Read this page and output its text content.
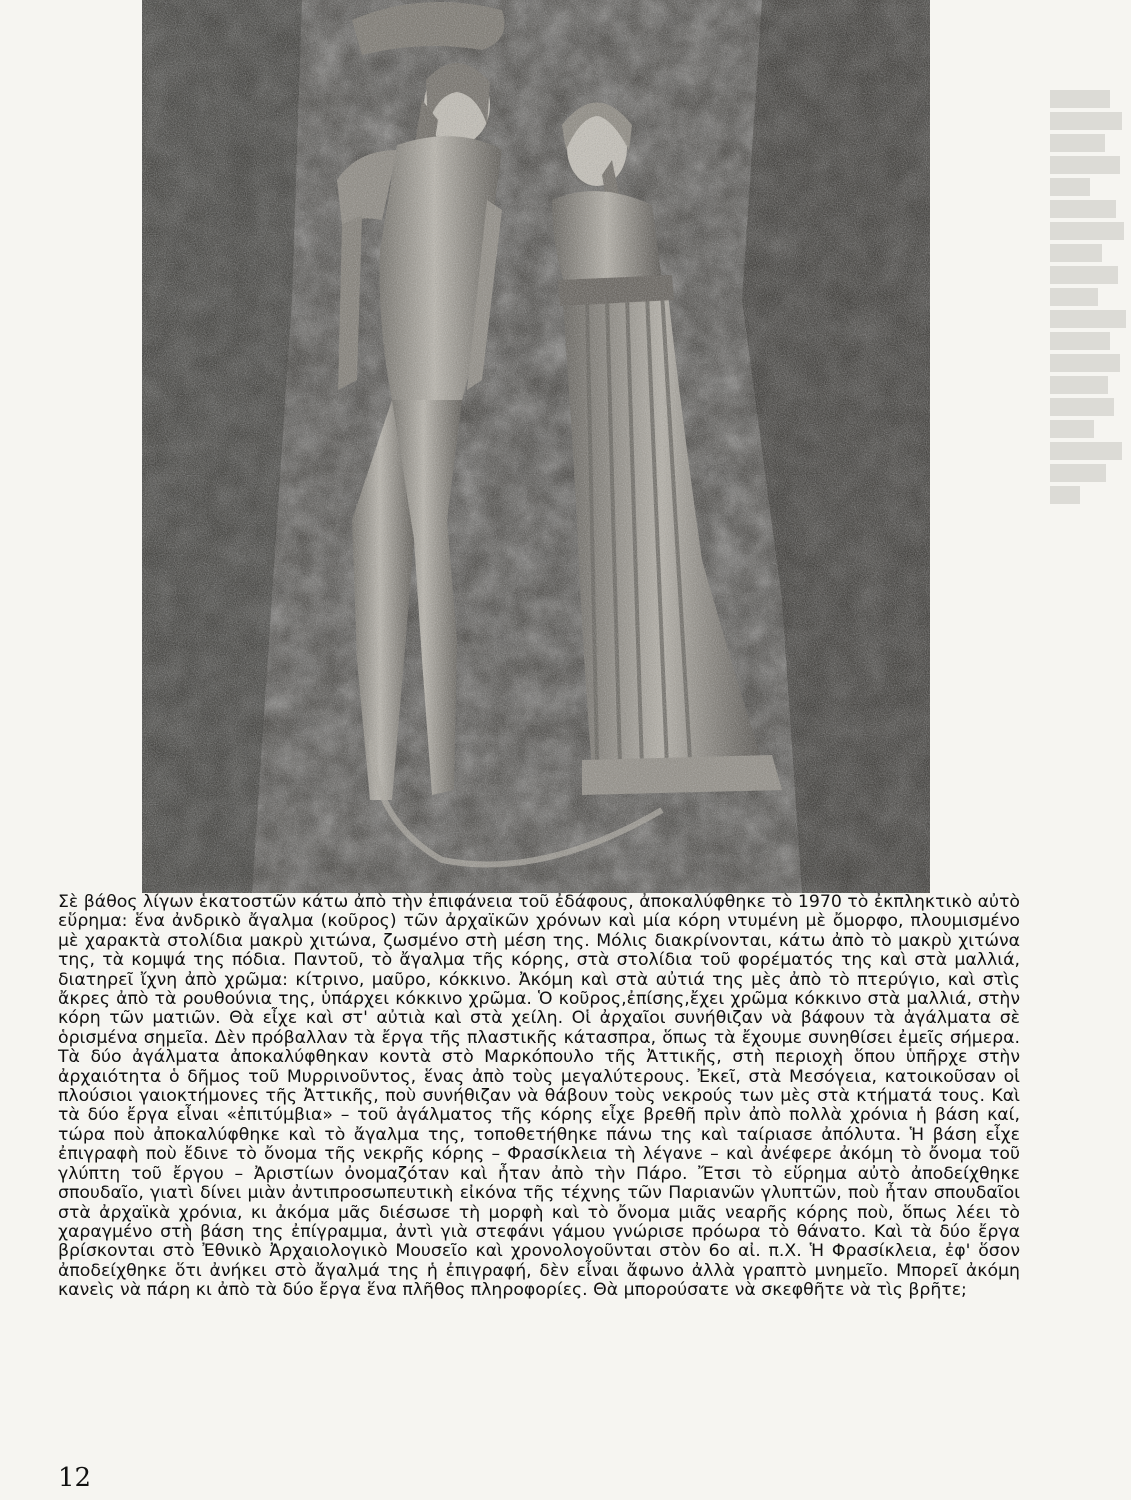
Σὲ βάθος λίγων ἑκατοστῶν κάτω ἀπὸ τὴν ἐπιφάνεια τοῦ ἐδάφους, ἀποκαλύφθηκε τὸ 1970 τὸ ἐκπληκτικὸ αὐτὸ εὕρημα: ἕνα ἀνδρικὸ ἄγαλμα (κοῦρος) τῶν ἀρχαϊκῶν χρόνων καὶ μία κόρη ντυμένη μὲ ὄμορφο, πλουμισμένο μὲ χαρακτὰ στολίδια μακρὺ χιτώνα, ζωσμένο στὴ μέση της. Μόλις διακρίνονται, κάτω ἀπὸ τὸ μακρὺ χιτώνα της, τὰ κομψά της πόδια. Παντοῦ, τὸ ἄγαλμα τῆς κόρης, στὰ στολίδια τοῦ φορέματός της καὶ στὰ μαλλιά, διατηρεῖ ἴχνη ἀπὸ χρῶμα: κίτρινο, μαῦρο, κόκκινο. Ἀκόμη καὶ στὰ αὐτιά της μὲς ἀπὸ τὸ πτερύγιο, καὶ στὶς ἄκρες ἀπὸ τὰ ρουθούνια της, ὑπάρχει κόκκινο χρῶμα. Ὁ κοῦρος,ἐπίσης,ἔχει χρῶμα κόκκινο στὰ μαλλιά, στὴν κόρη τῶν ματιῶν. Θὰ εἶχε καὶ στ' αὐτιὰ καὶ στὰ χείλη. Οἱ ἀρχαῖοι συνήθιζαν νὰ βάφουν τὰ ἀγάλματα σὲ ὁρισμένα σημεῖα. Δὲν πρόβαλλαν τὰ ἔργα τῆς πλαστικῆς κάτασπρα, ὅπως τὰ ἔχουμε συνηθίσει ἐμεῖς σήμερα. Τὰ δύο ἀγάλματα ἀποκαλύφθηκαν κοντὰ στὸ Μαρκόπουλο τῆς Ἀττικῆς, στὴ περιοχὴ ὅπου ὑπῆρχε στὴν ἀρχαιότητα ὁ δῆμος τοῦ Μυρρινοῦντος, ἕνας ἀπὸ τοὺς μεγαλύτερους. Ἐκεῖ, στὰ Μεσόγεια, κατοικοῦσαν οἱ πλούσιοι γαιοκτήμονες τῆς Ἀττικῆς, ποὺ συνήθιζαν νὰ θάβουν τοὺς νεκρούς των μὲς στὰ κτήματά τους. Καὶ τὰ δύο ἔργα εἶναι «ἐπιτύμβια» – τοῦ ἀγάλματος τῆς κόρης εἶχε βρεθῆ πρὶν ἀπὸ πολλὰ χρόνια ἡ βάση καί, τώρα ποὺ ἀποκαλύφθηκε καὶ τὸ ἄγαλμα της, τοποθετήθηκε πάνω της καὶ ταίριασε ἀπόλυτα. Ἡ βάση εἶχε ἐπιγραφὴ ποὺ ἔδινε τὸ ὄνομα τῆς νεκρῆς κόρης – Φρασίκλεια τὴ λέγανε – καὶ ἀνέφερε ἀκόμη τὸ ὄνομα τοῦ γλύπτη τοῦ ἔργου – Ἀριστίων ὀνομαζόταν καὶ ἦταν ἀπὸ τὴν Πάρο. Ἔτσι τὸ εὕρημα αὐτὸ ἀποδείχθηκε σπουδαῖο, γιατὶ δίνει μιὰν ἀντιπροσωπευτικὴ εἰκόνα τῆς τέχνης τῶν Παριανῶν γλυπτῶν, ποὺ ἦταν σπουδαῖοι στὰ ἀρχαϊκὰ χρόνια, κι ἀκόμα μᾶς διέσωσε τὴ μορφὴ καὶ τὸ ὄνομα μιᾶς νεαρῆς κόρης ποὺ, ὅπως λέει τὸ χαραγμένο στὴ βάση της ἐπίγραμμα, ἀντὶ γιὰ στεφάνι γάμου γνώρισε πρόωρα τὸ θάνατο. Καὶ τὰ δύο ἔργα βρίσκονται στὸ Ἐθνικὸ Ἀρχαιολογικὸ Μουσεῖο καὶ χρονολογοῦνται στὸν 6ο αἰ. π.Χ. Ἡ Φρασίκλεια, ἐφ' ὅσον ἀποδείχθηκε ὅτι ἀνήκει στὸ ἄγαλμά της ἡ ἐπιγραφή, δὲν εἶναι ἄφωνο ἀλλὰ γραπτὸ μνημεῖο. Μπορεῖ ἀκόμη κανεὶς νὰ πάρη κι ἀπὸ τὰ δύο ἔργα ἕνα πλῆθος πληροφορίες. Θὰ μπορούσατε νὰ σκεφθῆτε νὰ τὶς βρῆτε;

12
